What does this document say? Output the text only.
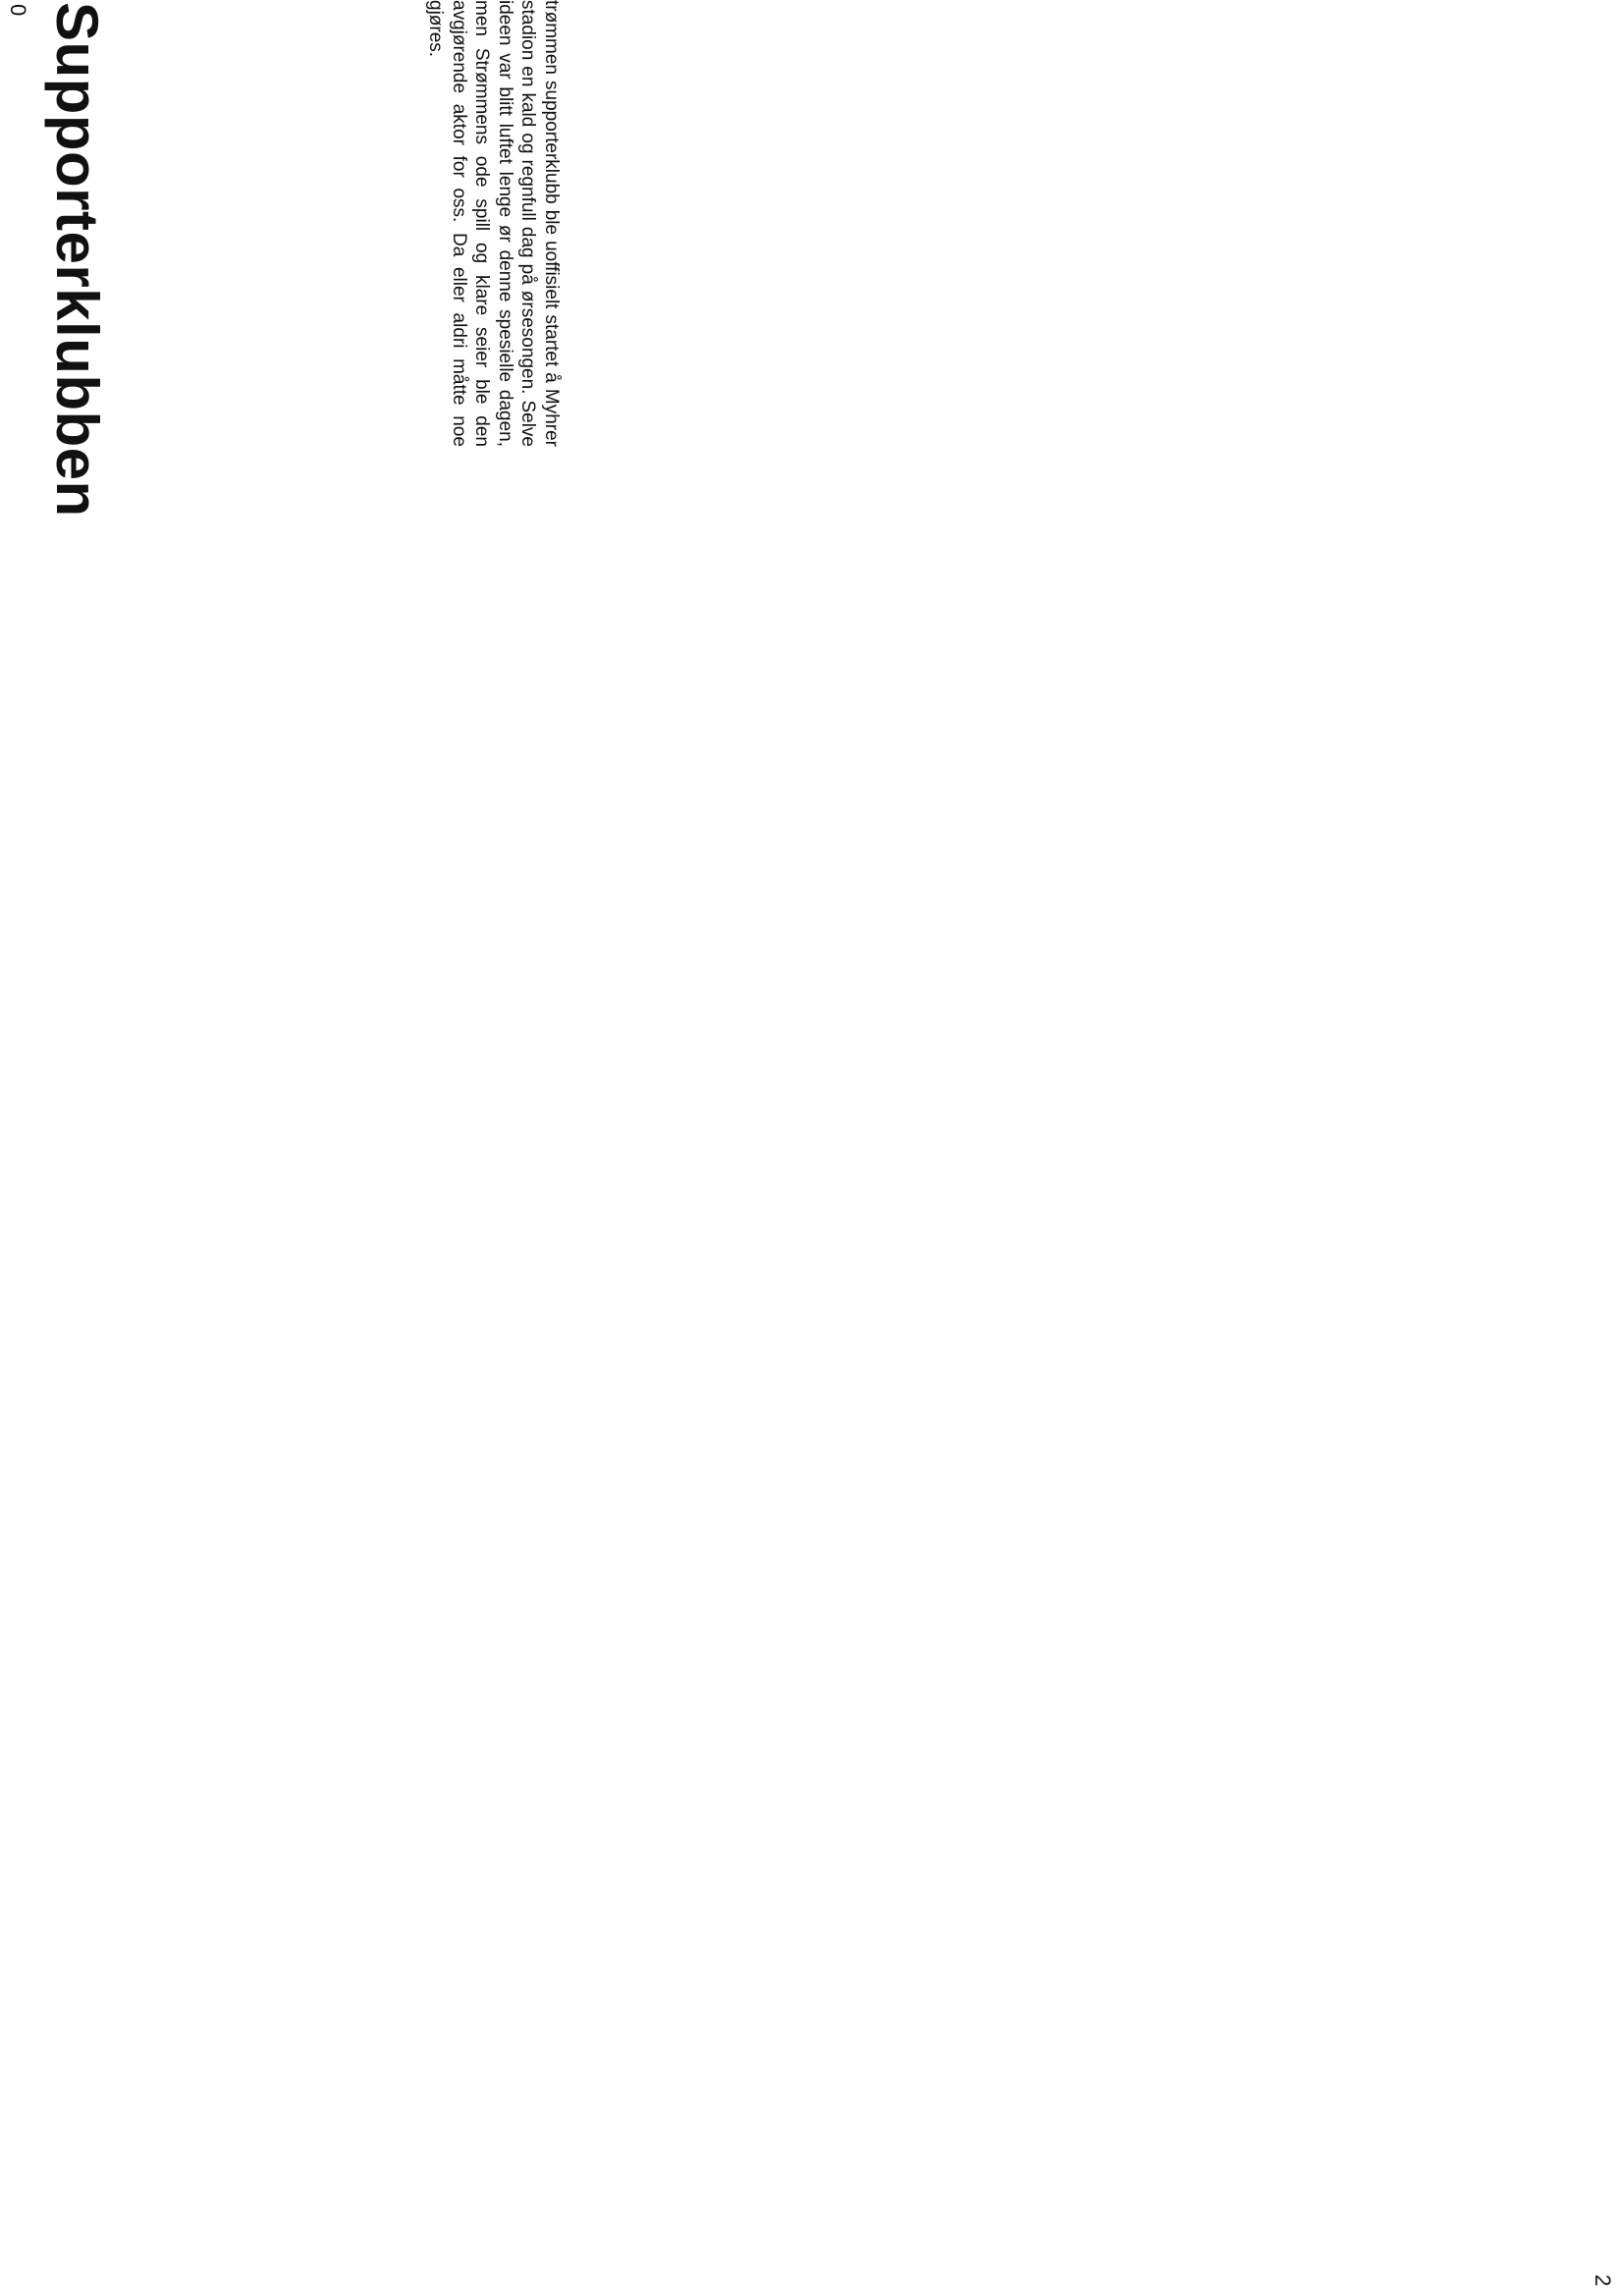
0
2
Supporterklubben	trømmen supporterklubb ble uoffisielt startet å Myhrer stadion en kald og regnfull dag på ørsesongen. Selve ideen var blitt luftet lenge ør denne spesielle dagen, men Strømmens ode spill og klare seier ble den avgjørende aktor for oss. Da eller aldri måtte noe gjøres.
